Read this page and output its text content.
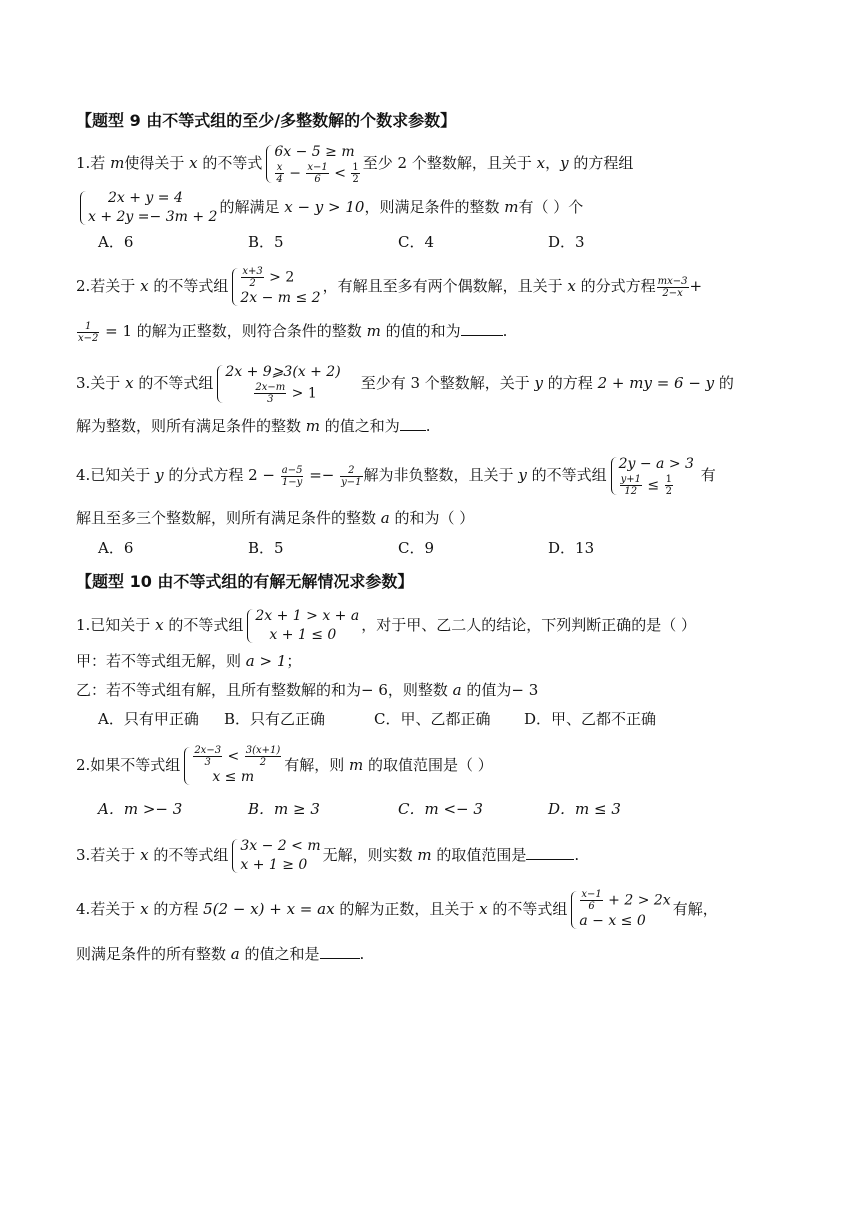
【题型 9 由不等式组的至少/多整数解的个数求参数】
1.若 m使得关于 x 的不等式
6x − 5 ≥ m
$\frac{x}{4} - \frac{x-1}{6} < \frac{1}{2}$ 至少 2 个整数解，且关于 x，y 的方程组
2x + y = 4
x + 2y =− 3m + 2
的解满足 x − y > 10，则满足条件的整数 m有（ ）个
A．6	B．5	C．4	D．3
2.若关于 x 的不等式组 $\frac{x+3}{2} > 2$
2x − m ≤ 2
，有解且至多有两个偶数解，且关于 x 的分式方程 $\frac{mx-3}{2-x}$ +
$\frac{1}{x-2} = 1$ 的解为正整数，则符合条件的整数 m 的值的和为	.
3.关于 x 的不等式组
2x + 9⩾3(x + 2)
$\frac{2x-m}{3} > 1$
至少有 3 个整数解，关于 y 的方程 2 + my = 6 − y 的
解为整数，则所有满足条件的整数 m 的值之和为 .
4.已知关于 y 的分式方程 $2 - \frac{a-5}{1-y} =- \frac{2}{y-1}$ 解为非负整数，且关于 y 的不等式组
2y − a > 3
$\frac{y+1}{12} \le \frac{1}{2}$ 有
解且至多三个整数解，则所有满足条件的整数 a 的和为（ ）
A．6	B．5	C．9	D．13
【题型 10 由不等式组的有解无解情况求参数】
1.已知关于 x 的不等式组 2x + 1 > x + a
x + 1 ≤ 0
，对于甲、乙二人的结论，下列判断正确的是（ ）
甲：若不等式组无解，则 a > 1；
乙：若不等式组有解，且所有整数解的和为− 6，则整数 a 的值为− 3
A．只有甲正确	B．只有乙正确	C．甲、乙都正确	D．甲、乙都不正确
2.如果不等式组 $\frac{2x-3}{3} < \frac{3(x+1)}{2}$
x ≤ m
有解，则 m 的取值范围是（ ）
A．m >− 3	B．m ≥ 3	C．m <− 3	D．m ≤ 3
3.若关于 x 的不等式组 3x − 2 < m
x + 1 ≥ 0
无解，则实数 m 的取值范围是	.
4.若关于 x 的方程 5(2 − x) + x = ax 的解为正数，且关于 x 的不等式组 $\frac{x-1}{6} + 2 > 2x$
a − x ≤ 0
有解，
则满足条件的所有整数 a 的值之和是	.
